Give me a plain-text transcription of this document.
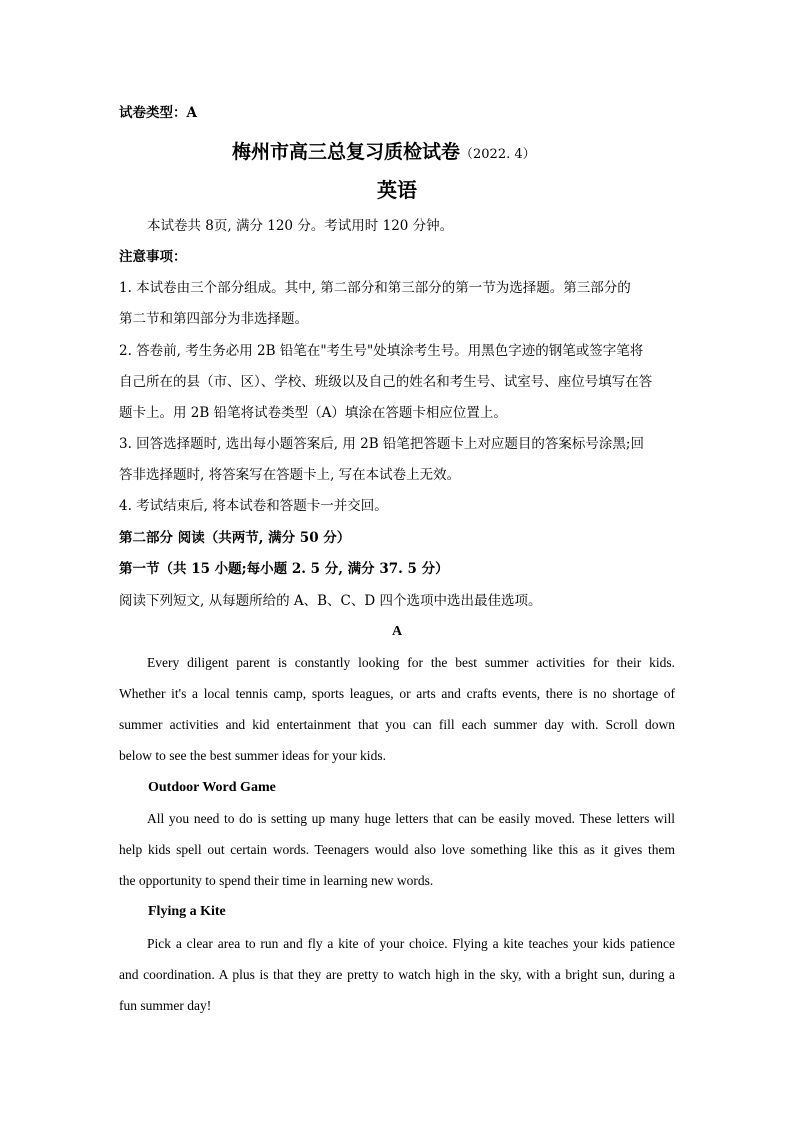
试卷类型：A
梅州市高三总复习质检试卷（2022. 4）
英语
本试卷共 8页, 满分 120 分。考试用时 120 分钟。
注意事项：
1. 本试卷由三个部分组成。其中, 第二部分和第三部分的第一节为选择题。第三部分的
第二节和第四部分为非选择题。
2. 答卷前, 考生务必用 2B 铅笔在"考生号"处填涂考生号。用黑色字迹的钢笔或签字笔将
自己所在的县（市、区）、学校、班级以及自己的姓名和考生号、试室号、座位号填写在答
题卡上。用 2B 铅笔将试卷类型（A）填涂在答题卡相应位置上。
3. 回答选择题时, 选出每小题答案后, 用 2B 铅笔把答题卡上对应题目的答案标号涂黑;回
答非选择题时, 将答案写在答题卡上, 写在本试卷上无效。
4. 考试结束后, 将本试卷和答题卡一并交回。
第二部分 阅读（共两节, 满分 50 分）
第一节（共 15 小题;每小题 2. 5 分, 满分 37. 5 分）
阅读下列短文, 从每题所给的 A、B、C、D 四个选项中选出最佳选项。
A
Every diligent parent is constantly looking for the best summer activities for their kids.
Whether it's a local tennis camp, sports leagues, or arts and crafts events, there is no shortage of
summer activities and kid entertainment that you can fill each summer day with. Scroll down
below to see the best summer ideas for your kids.
Outdoor Word Game
All you need to do is setting up many huge letters that can be easily moved. These letters will
help kids spell out certain words. Teenagers would also love something like this as it gives them
the opportunity to spend their time in learning new words.
Flying a Kite
Pick a clear area to run and fly a kite of your choice. Flying a kite teaches your kids patience
and coordination. A plus is that they are pretty to watch high in the sky, with a bright sun, during a
fun summer day!
